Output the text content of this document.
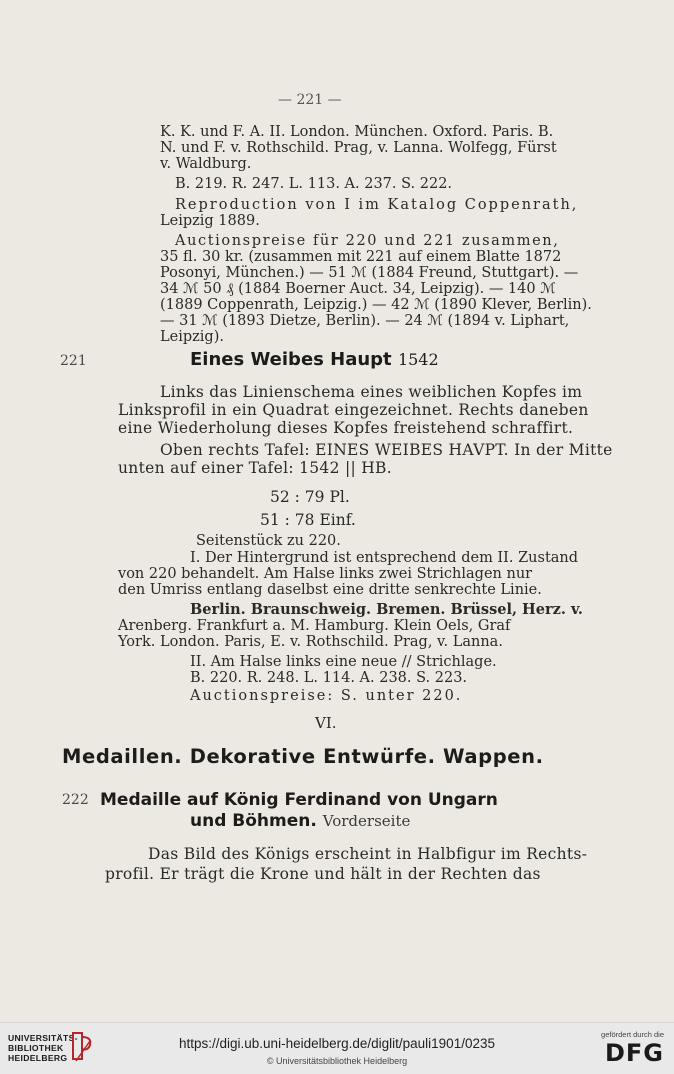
— 221 —
K. K. und F. A. II. London. München. Oxford. Paris. B.
N. und F. v. Rothschild. Prag, v. Lanna. Wolfegg, Fürst
v. Waldburg.
B. 219. R. 247. L. 113. A. 237. S. 222.
Reproduction von I im Katalog Coppenrath,
Leipzig 1889.
Auctionspreise für 220 und 221 zusammen,
35 fl. 30 kr. (zusammen mit 221 auf einem Blatte 1872
Posonyi, München.) — 51 ℳ (1884 Freund, Stuttgart). —
34 ℳ 50 ₰ (1884 Boerner Auct. 34, Leipzig). — 140 ℳ
(1889 Coppenrath, Leipzig.) — 42 ℳ (1890 Klever, Berlin).
— 31 ℳ (1893 Dietze, Berlin). — 24 ℳ (1894 v. Liphart,
Leipzig).
221	Eines Weibes Haupt 1542
Links das Linienschema eines weiblichen Kopfes im
Linksprofil in ein Quadrat eingezeichnet. Rechts daneben
eine Wiederholung dieses Kopfes freistehend schraffirt.
Oben rechts Tafel: EINES WEIBES HAVPT. In der Mitte
unten auf einer Tafel: 1542 || HB.
52 : 79 Pl.
51 : 78 Einf.
Seitenstück zu 220.
I. Der Hintergrund ist entsprechend dem II. Zustand
von 220 behandelt. Am Halse links zwei Strichlagen nur
den Umriss entlang daselbst eine dritte senkrechte Linie.
Berlin. Braunschweig. Bremen. Brüssel, Herz. v.
Arenberg. Frankfurt a. M. Hamburg. Klein Oels, Graf
York. London. Paris, E. v. Rothschild. Prag, v. Lanna.
II. Am Halse links eine neue // Strichlage.
B. 220. R. 248. L. 114. A. 238. S. 223.
Auctionspreise: S. unter 220.
VI.
Medaillen. Dekorative Entwürfe. Wappen.
222 Medaille auf König Ferdinand von Ungarn
und Böhmen. Vorderseite
Das Bild des Königs erscheint in Halbfigur im Rechts-
profil. Er trägt die Krone und hält in der Rechten das
UNIVERSITÄTS-
BIBLIOTHEK
HEIDELBERG
https://digi.ub.uni-heidelberg.de/diglit/pauli1901/0235
© Universitätsbibliothek Heidelberg
gefördert durch die
DFG
